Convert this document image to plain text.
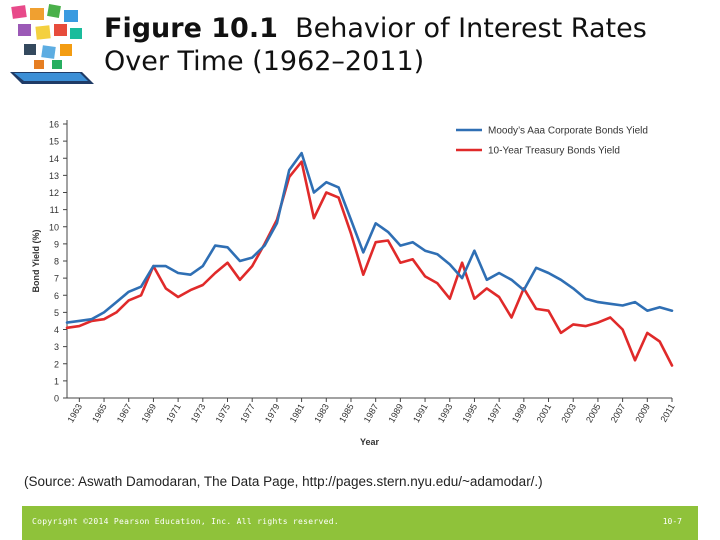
Figure 10.1 Behavior of Interest Rates Over Time (1962–2011)
0
1
2
3
4
5
6
7
8
9
10
11
12
13
14
15
16
Bond Yield (%)
1963 1965 1967 1969 1971 1973 1975 1977 1979 1981 1983 1985 1987 1989 1991 1993 1995 1997 1999 2001 2003 2005 2007 2009 2011
Year
Moody’s Aaa Corporate Bonds Yield
10-Year Treasury Bonds Yield
(Source: Aswath Damodaran, The Data Page, http://pages.stern.nyu.edu/~adamodar/.)
Copyright ©2014 Pearson Education, Inc. All rights reserved.	10-7
